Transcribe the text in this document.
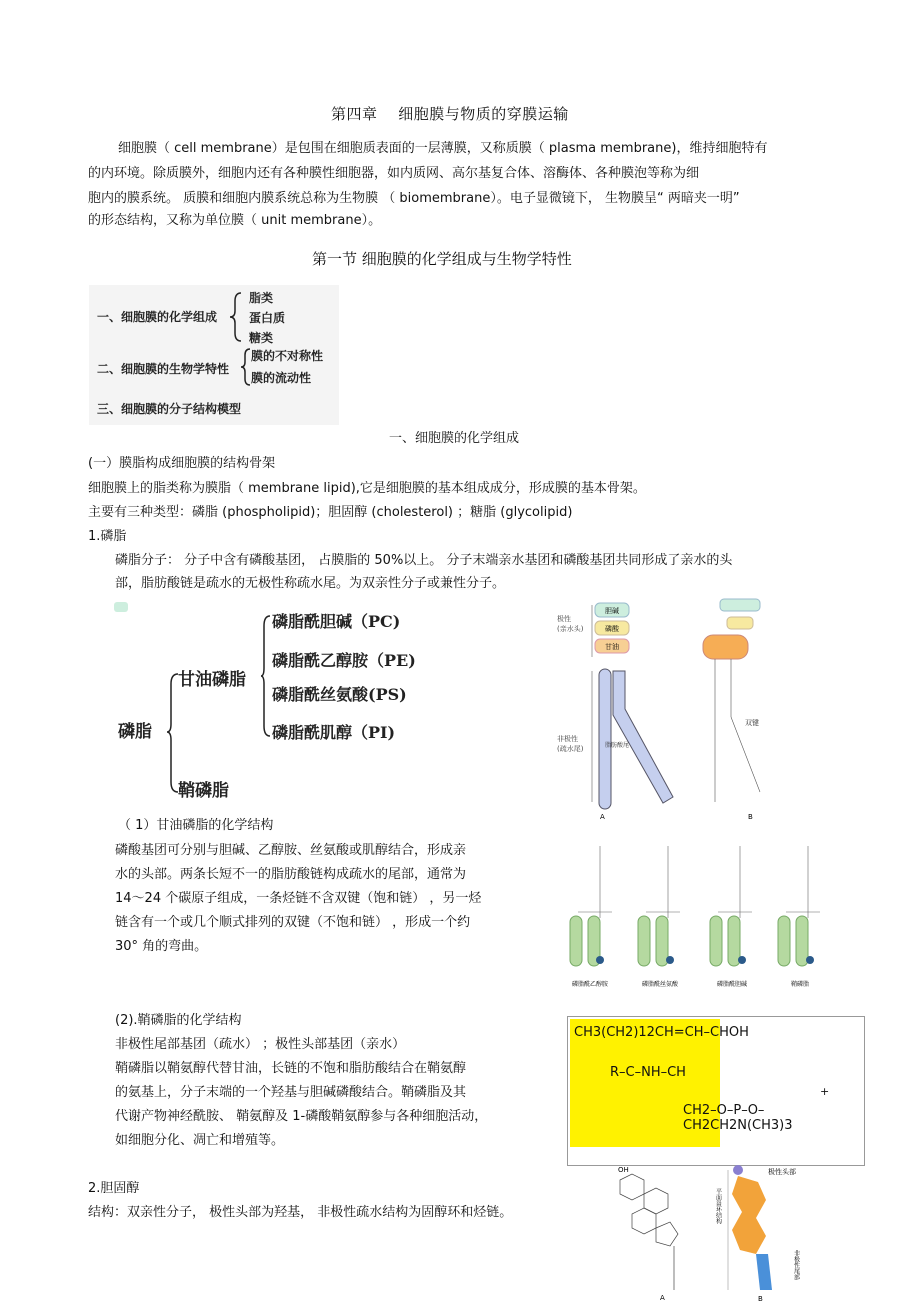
第四章　 细胞膜与物质的穿膜运输
细胞膜（ cell membrane）是包围在细胞质表面的一层薄膜，又称质膜（ plasma membrane)，维持细胞特有
的内环境。除质膜外，细胞内还有各种膜性细胞器，如内质网、高尔基复合体、溶酶体、各种膜泡等称为细
胞内的膜系统。 质膜和细胞内膜系统总称为生物膜 （ biomembrane）。电子显微镜下， 生物膜呈“ 两暗夹一明”
的形态结构，又称为单位膜（ unit membrane）。
第一节 细胞膜的化学组成与生物学特性
一、细胞膜的化学组成
脂类
蛋白质
糖类
二、细胞膜的生物学特性
膜的不对称性
膜的流动性
三、细胞膜的分子结构模型
一、细胞膜的化学组成
(一）膜脂构成细胞膜的结构骨架
细胞膜上的脂类称为膜脂（ membrane lipid),它是细胞膜的基本组成成分，形成膜的基本骨架。
主要有三种类型：磷脂 (phospholipid)；胆固醇 (cholesterol) ；糖脂 (glycolipid)
1.磷脂
磷脂分子： 分子中含有磷酸基团， 占膜脂的 50%以上。 分子末端亲水基团和磷酸基团共同形成了亲水的头
部，脂肪酸链是疏水的无极性称疏水尾。为双亲性分子或兼性分子。
磷脂
甘油磷脂
鞘磷脂
磷脂酰胆碱（PC)
磷脂酰乙醇胺（PE)
磷脂酰丝氨酸(PS)
磷脂酰肌醇（PI)
极性
(亲水头)
非极性
(疏水尾)
胆碱
磷酸
甘油
脂肪酸尾
A
双键
B
（ 1）甘油磷脂的化学结构
磷酸基团可分别与胆碱、乙醇胺、丝氨酸或肌醇结合，形成亲
水的头部。两条长短不一的脂肪酸链构成疏水的尾部，通常为
14～24 个碳原子组成，一条烃链不含双键（饱和链） ，另一烃
链含有一个或几个顺式排列的双键（不饱和链） ，形成一个约
30° 角的弯曲。
磷脂酰乙醇胺	磷脂酰丝氨酸	磷脂酰胆碱	鞘磷脂
(2).鞘磷脂的化学结构
非极性尾部基团（疏水） ；极性头部基团（亲水）
鞘磷脂以鞘氨醇代替甘油，长链的不饱和脂肪酸结合在鞘氨醇
的氨基上，分子末端的一个羟基与胆碱磷酸结合。鞘磷脂及其
代谢产物神经酰胺、 鞘氨醇及 1-磷酸鞘氨醇参与各种细胞活动，
如细胞分化、凋亡和增殖等。
CH3(CH2)12CH=CH–CHOH
R–C–NH–CH
CH2–O–P–O–CH2CH2N(CH3)3
+
2.胆固醇
结构：双亲性分子， 极性头部为羟基， 非极性疏水结构为固醇环和烃链。
OH
A
极性头部
平面甾环结构
非极性尾部
B
